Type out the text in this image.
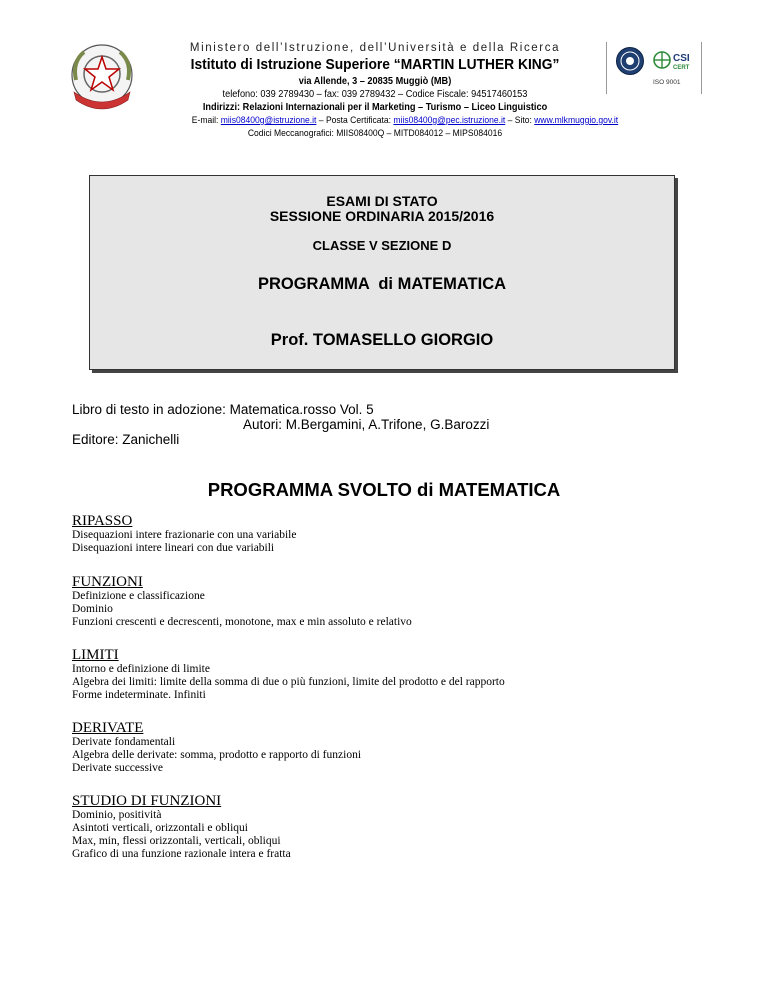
CSI
CERT
ISO 9001
Ministero dell’Istruzione, dell’Università e della Ricerca
Istituto di Istruzione Superiore “MARTIN LUTHER KING”
via Allende, 3 – 20835 Muggiò (MB)
telefono: 039 2789430 – fax: 039 2789432 – Codice Fiscale: 94517460153
Indirizzi: Relazioni Internazionali per il Marketing – Turismo – Liceo Linguistico
E-mail: miis08400g@istruzione.it – Posta Certificata: miis08400g@pec.istruzione.it – Sito: www.mlkmuggio.gov.it
Codici Meccanografici: MIIS08400Q – MITD084012 – MIPS084016
ESAMI DI STATO
SESSIONE ORDINARIA 2015/2016
CLASSE V SEZIONE D
PROGRAMMA  di MATEMATICA
Prof. TOMASELLO GIORGIO
Libro di testo in adozione: Matematica.rosso Vol. 5
Autori: M.Bergamini, A.Trifone, G.Barozzi
Editore: Zanichelli
PROGRAMMA SVOLTO di MATEMATICA
RIPASSO
Disequazioni intere frazionarie con una variabile
Disequazioni intere lineari con due variabili
FUNZIONI
Definizione e classificazione
Dominio
Funzioni crescenti e decrescenti, monotone, max e min assoluto e relativo
LIMITI
Intorno e definizione di limite
Algebra dei limiti: limite della somma di due o più funzioni, limite del prodotto e del rapporto
Forme indeterminate. Infiniti
DERIVATE
Derivate fondamentali
Algebra delle derivate: somma, prodotto e rapporto di funzioni
Derivate successive
STUDIO DI FUNZIONI
Dominio, positività
Asintoti verticali, orizzontali e obliqui
Max, min, flessi orizzontali, verticali, obliqui
Grafico di una funzione razionale intera e fratta
